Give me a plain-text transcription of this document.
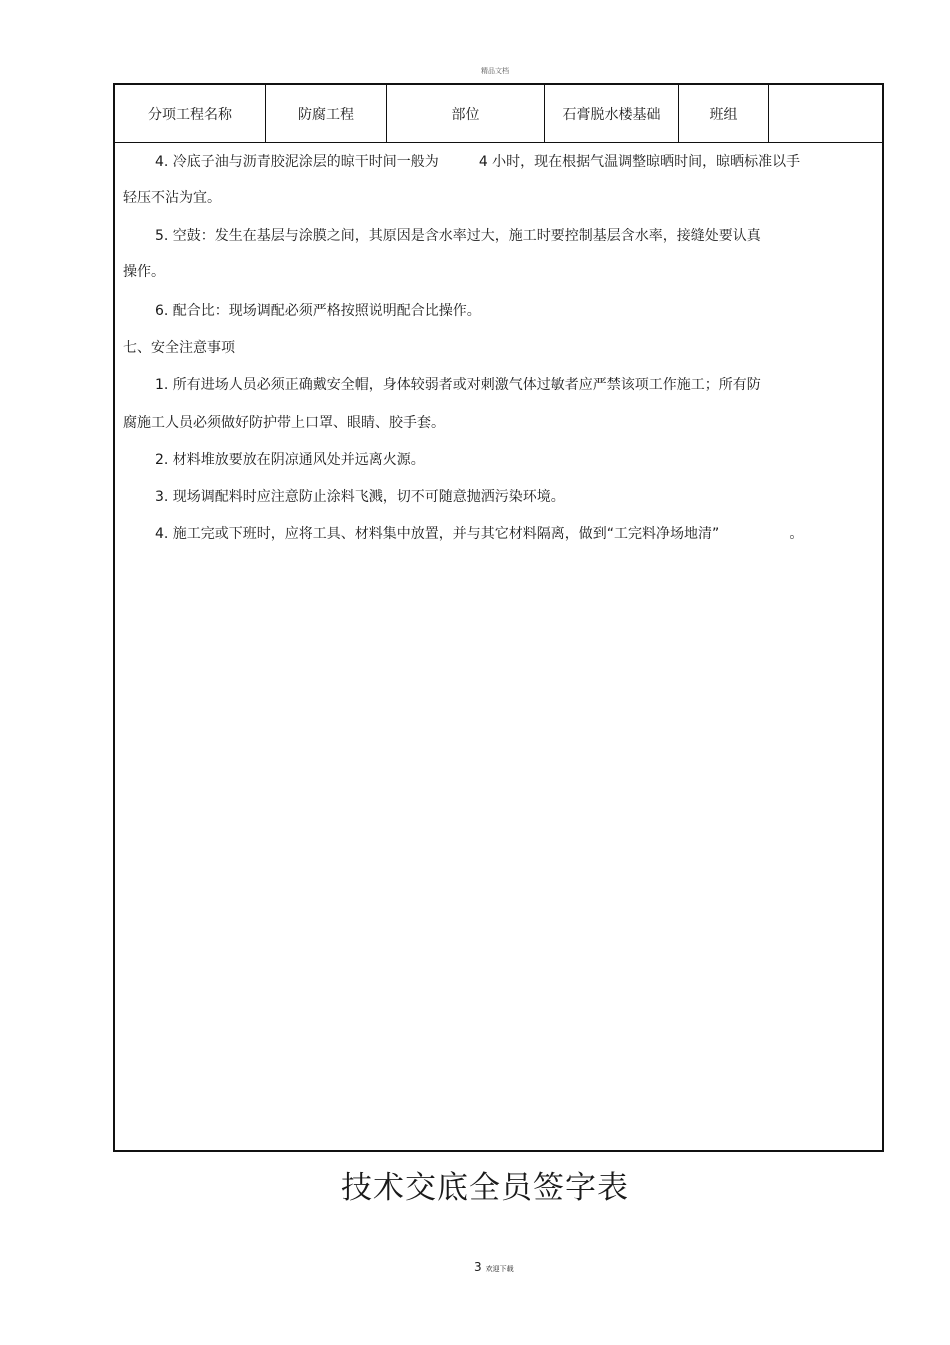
精品文档
分项工程名称	防腐工程	部位	石膏脱水楼基础	班组
4. 冷底子油与沥青胶泥涂层的晾干时间一般为	4 小时，现在根据气温调整晾晒时间，晾晒标准以手
轻压不沾为宜。
5. 空鼓：发生在基层与涂膜之间，其原因是含水率过大，施工时要控制基层含水率，接缝处要认真
操作。
6. 配合比：现场调配必须严格按照说明配合比操作。
七、安全注意事项
1. 所有进场人员必须正确戴安全帽，身体较弱者或对刺激气体过敏者应严禁该项工作施工；所有防
腐施工人员必须做好防护带上口罩、眼睛、胶手套。
2. 材料堆放要放在阴凉通风处并远离火源。
3. 现场调配料时应注意防止涂料飞溅，切不可随意抛洒污染环境。
4. 施工完或下班时，应将工具、材料集中放置，并与其它材料隔离，做到“工完料净场地清”	。
技术交底全员签字表
3 欢迎下载
